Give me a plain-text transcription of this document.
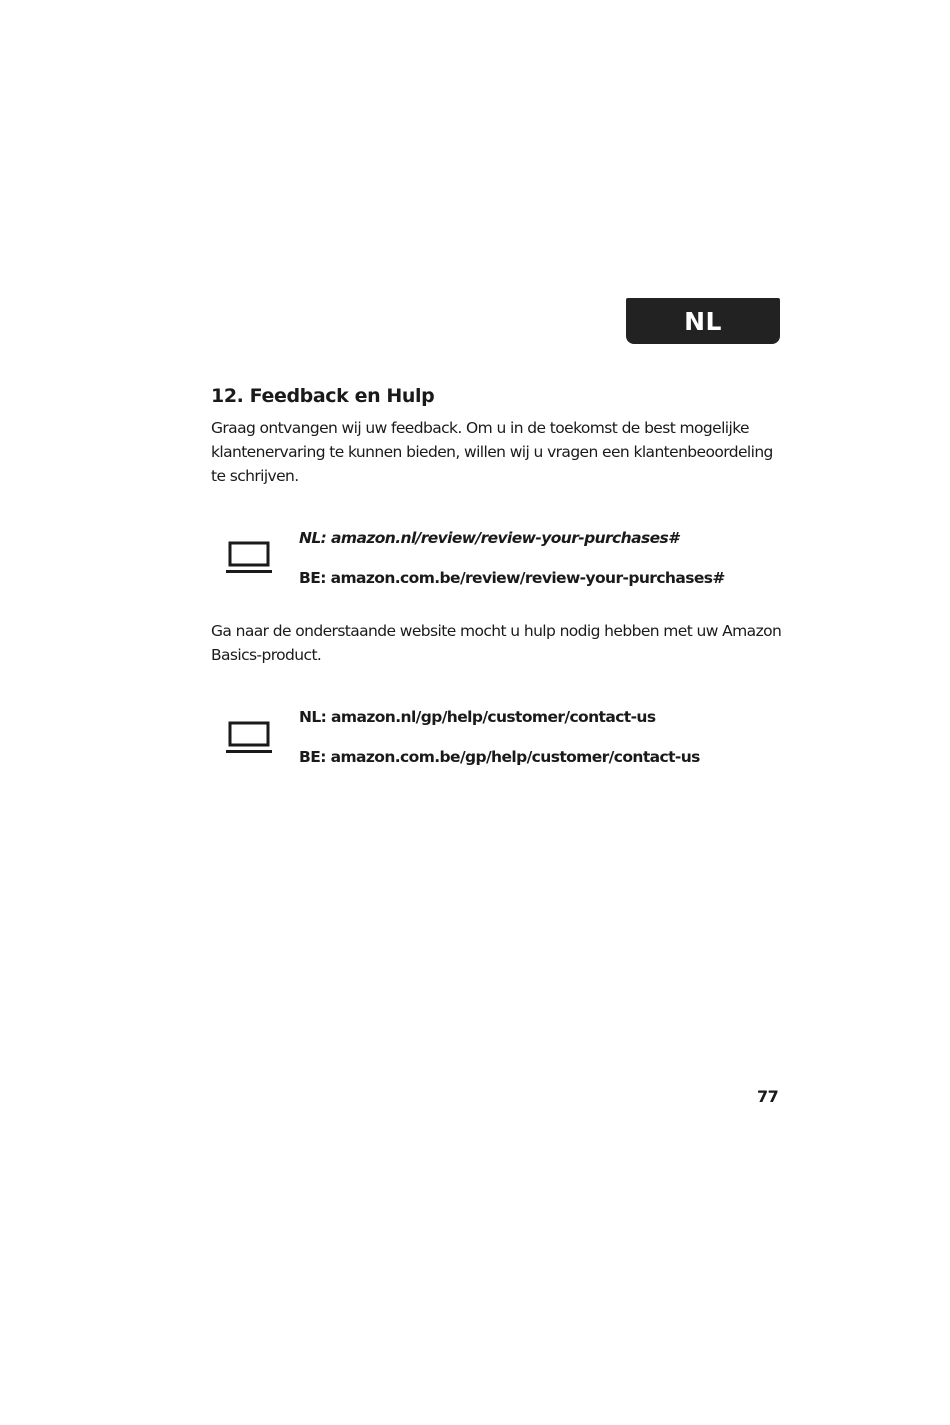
NL
12. Feedback en Hulp

Graag ontvangen wij uw feedback. Om u in de toekomst de best mogelijke klantenervaring te kunnen bieden, willen wij u vragen een klantenbeoordeling te schrijven.

NL: amazon.nl/review/review-your-purchases#

BE: amazon.com.be/review/review-your-purchases#

Ga naar de onderstaande website mocht u hulp nodig hebben met uw Amazon Basics-product.

NL: amazon.nl/gp/help/customer/contact-us

BE: amazon.com.be/gp/help/customer/contact-us

77
